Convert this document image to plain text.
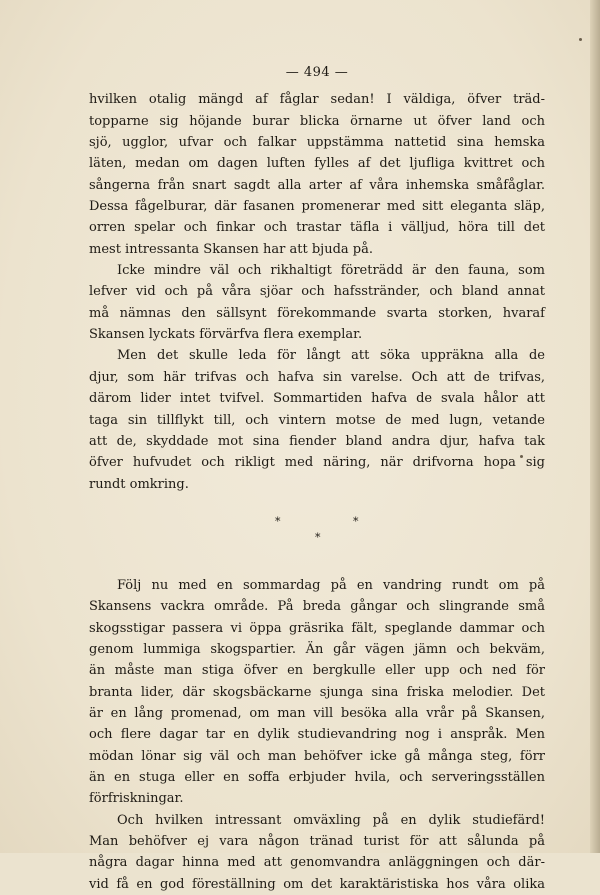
— 494 —

hvilken otalig mängd af fåglar sedan! I väldiga, öfver träd-

topparne sig höjande burar blicka örnarne ut öfver land och

sjö, ugglor, ufvar och falkar uppstämma nattetid sina hemska

läten, medan om dagen luften fylles af det ljufliga kvittret och

sångerna från snart sagdt alla arter af våra inhemska småfåglar.

Dessa fågelburar, där fasanen promenerar med sitt eleganta släp,

orren spelar och finkar och trastar täfla i välljud, höra till det

mest intressanta Skansen har att bjuda på.

Icke mindre väl och rikhaltigt företrädd är den fauna, som

lefver vid och på våra sjöar och hafsstränder, och bland annat

må nämnas den sällsynt förekommande svarta storken, hvaraf

Skansen lyckats förvärfva flera exemplar.

Men det skulle leda för långt att söka uppräkna alla de

djur, som här trifvas och hafva sin varelse. Och att de trifvas,

därom lider intet tvifvel. Sommartiden hafva de svala hålor att

taga sin tillflykt till, och vintern motse de med lugn, vetande

att de, skyddade mot sina fiender bland andra djur, hafva tak

öfver hufvudet och rikligt med näring, när drifvorna hopa sig

rundt omkring.

*	*
*

Följ nu med en sommardag på en vandring rundt om på

Skansens vackra område. På breda gångar och slingrande små

skogsstigar passera vi öppa gräsrika fält, speglande dammar och

genom lummiga skogspartier. Än går vägen jämn och bekväm,

än måste man stiga öfver en bergkulle eller upp och ned för

branta lider, där skogsbäckarne sjunga sina friska melodier. Det

är en lång promenad, om man vill besöka alla vrår på Skansen,

och flere dagar tar en dylik studievandring nog i anspråk. Men

mödan lönar sig väl och man behöfver icke gå många steg, förr

än en stuga eller en soffa erbjuder hvila, och serveringsställen

förfriskningar.

Och hvilken intressant omväxling på en dylik studiefärd!

Man behöfver ej vara någon tränad turist för att sålunda på

några dagar hinna med att genomvandra anläggningen och där-

vid få en god föreställning om det karaktäristiska hos våra olika
